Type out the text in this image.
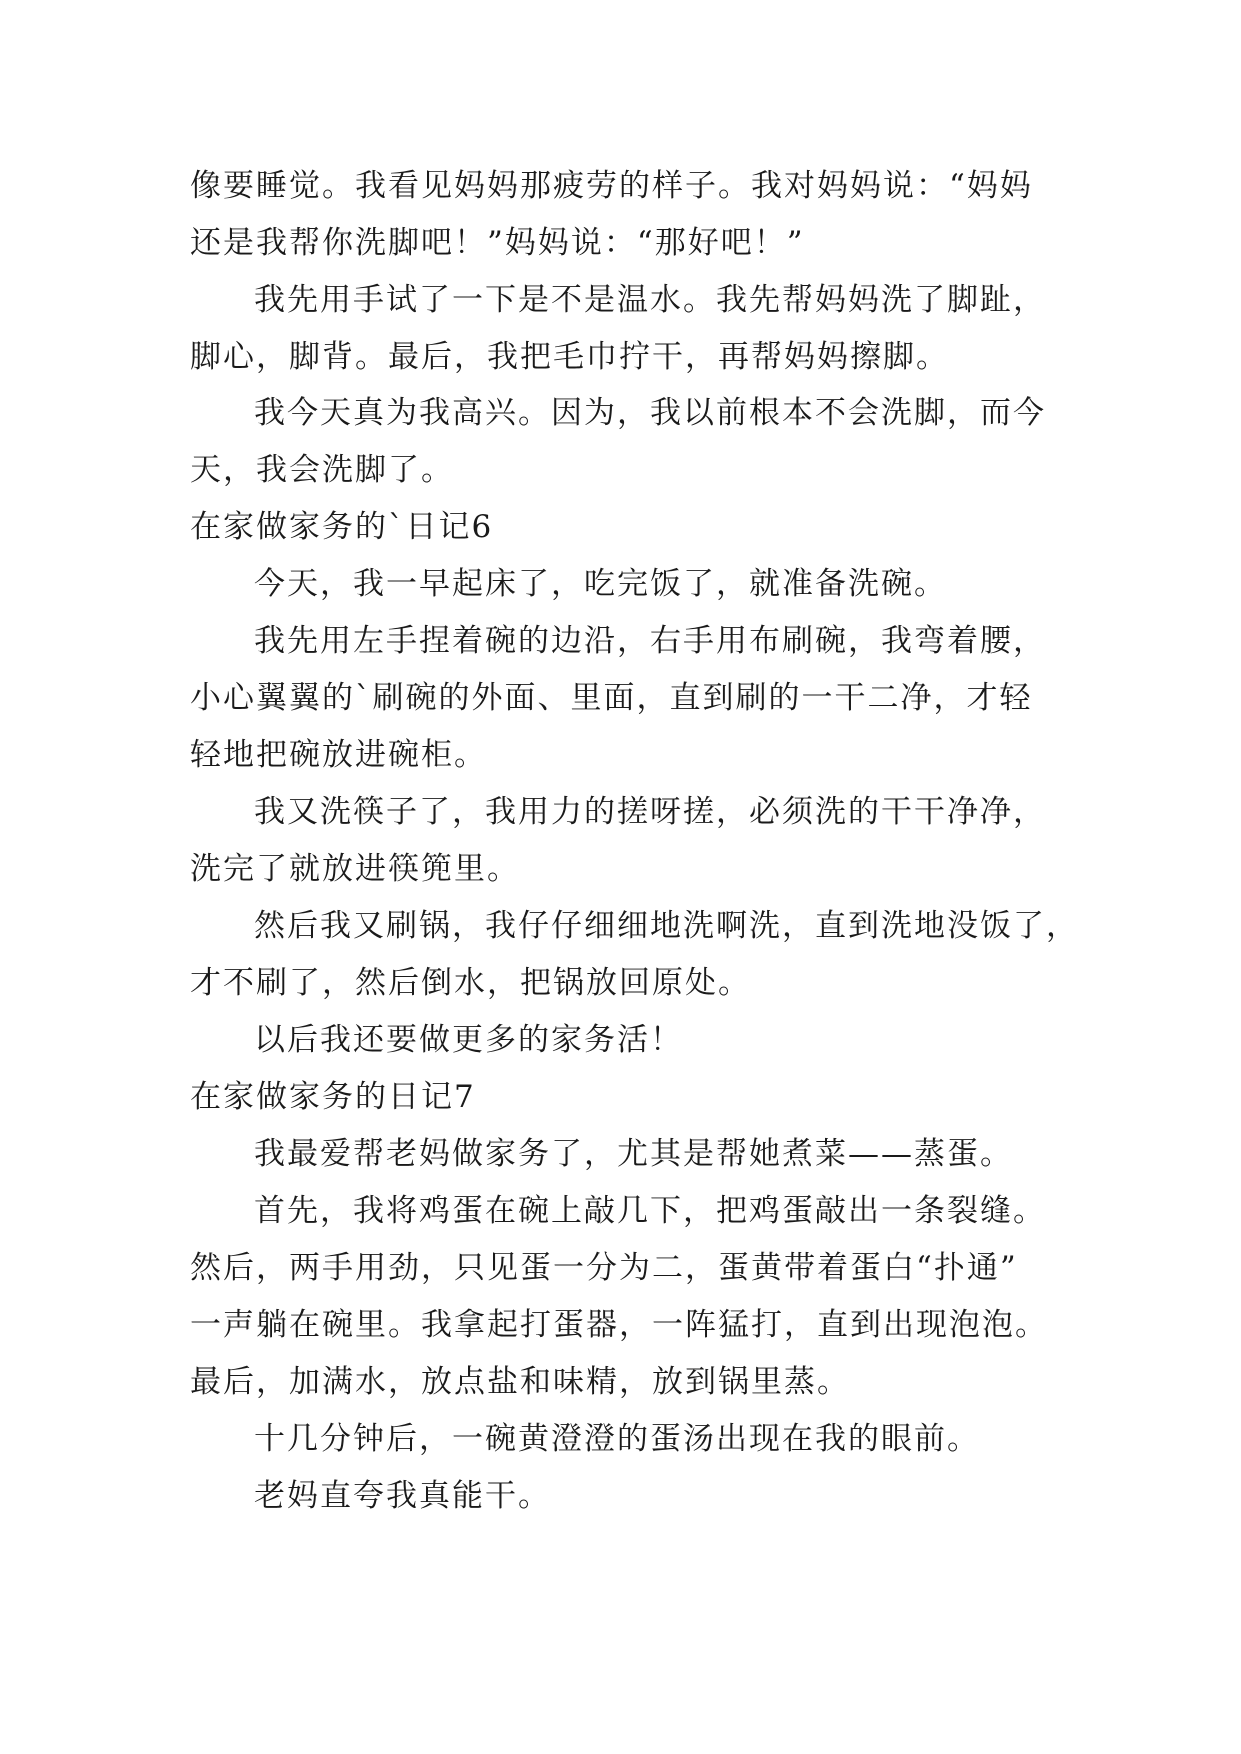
像要睡觉。我看见妈妈那疲劳的样子。我对妈妈说：“妈妈
还是我帮你洗脚吧！”妈妈说：“那好吧！”
我先用手试了一下是不是温水。我先帮妈妈洗了脚趾，
脚心，脚背。最后，我把毛巾拧干，再帮妈妈擦脚。
我今天真为我高兴。因为，我以前根本不会洗脚，而今
天，我会洗脚了。
在家做家务的`日记6
今天，我一早起床了，吃完饭了，就准备洗碗。
我先用左手捏着碗的边沿，右手用布刷碗，我弯着腰，
小心翼翼的`刷碗的外面、里面，直到刷的一干二净，才轻
轻地把碗放进碗柜。
我又洗筷子了，我用力的搓呀搓，必须洗的干干净净，
洗完了就放进筷篼里。
然后我又刷锅，我仔仔细细地洗啊洗，直到洗地没饭了，
才不刷了，然后倒水，把锅放回原处。
以后我还要做更多的家务活！
在家做家务的日记7
我最爱帮老妈做家务了，尤其是帮她煮菜——蒸蛋。
首先，我将鸡蛋在碗上敲几下，把鸡蛋敲出一条裂缝。
然后，两手用劲，只见蛋一分为二，蛋黄带着蛋白“扑通”
一声躺在碗里。我拿起打蛋器，一阵猛打，直到出现泡泡。
最后，加满水，放点盐和味精，放到锅里蒸。
十几分钟后，一碗黄澄澄的蛋汤出现在我的眼前。
老妈直夸我真能干。
